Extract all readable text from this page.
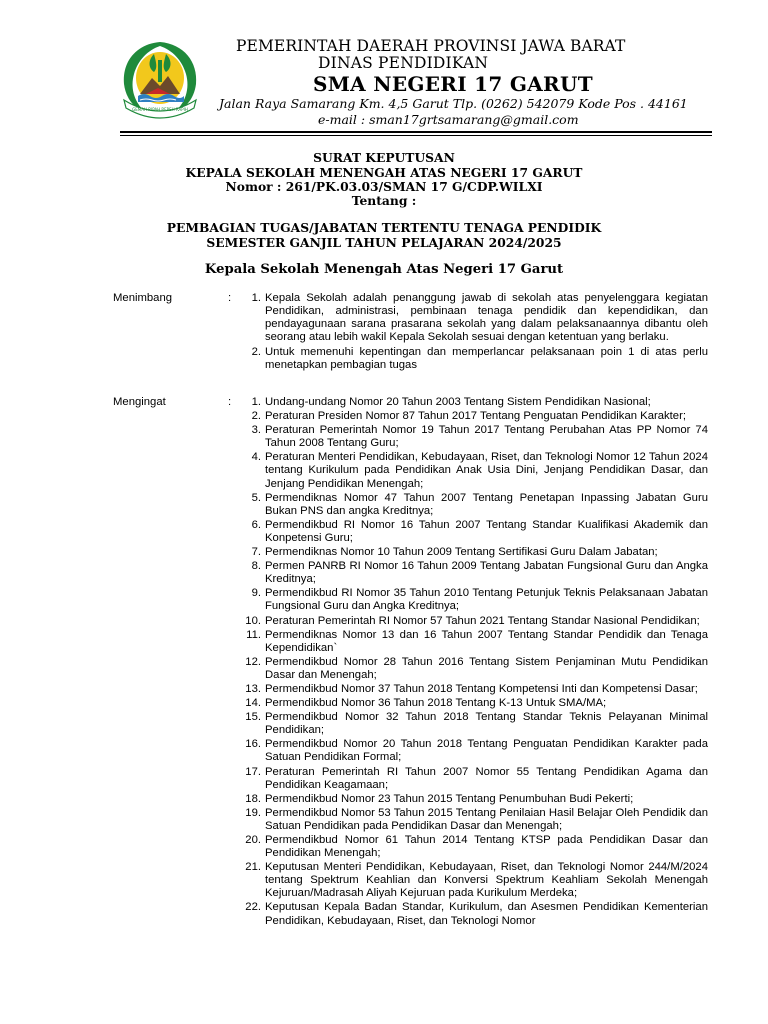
GEMAH RIPAH REPEH RAPIH
PEMERINTAH DAERAH PROVINSI JAWA BARAT
DINAS PENDIDIKAN
SMA NEGERI 17 GARUT
Jalan Raya Samarang Km. 4,5 Garut Tlp. (0262) 542079 Kode Pos . 44161
e-mail : sman17grtsamarang@gmail.com
SURAT KEPUTUSAN
KEPALA SEKOLAH MENENGAH ATAS NEGERI 17 GARUT
Nomor : 261/PK.03.03/SMAN 17 G/CDP.WILXI
Tentang :
PEMBAGIAN TUGAS/JABATAN TERTENTU TENAGA PENDIDIK
SEMESTER GANJIL TAHUN PELAJARAN 2024/2025
Kepala Sekolah Menengah Atas Negeri 17 Garut
Menimbang	:	1. Kepala Sekolah adalah penanggung jawab di sekolah atas penyelenggara kegiatan Pendidikan, administrasi, pembinaan tenaga pendidik dan kependidikan, dan pendayagunaan sarana prasarana sekolah yang dalam pelaksanaannya dibantu oleh seorang atau lebih wakil Kepala Sekolah sesuai dengan ketentuan yang berlaku.
2. Untuk memenuhi kepentingan dan memperlancar pelaksanaan poin 1 di atas perlu menetapkan pembagian tugas
Mengingat	:	1. Undang-undang Nomor 20 Tahun 2003 Tentang Sistem Pendidikan Nasional;
2. Peraturan Presiden Nomor 87 Tahun 2017 Tentang Penguatan Pendidikan Karakter;
3. Peraturan Pemerintah Nomor 19 Tahun 2017 Tentang Perubahan Atas PP Nomor 74 Tahun 2008 Tentang Guru;
4. Peraturan Menteri Pendidikan, Kebudayaan, Riset, dan Teknologi Nomor 12 Tahun 2024 tentang Kurikulum pada Pendidikan Anak Usia Dini, Jenjang Pendidikan Dasar, dan Jenjang Pendidikan Menengah;
5. Permendiknas Nomor 47 Tahun 2007 Tentang Penetapan Inpassing Jabatan Guru Bukan PNS dan angka Kreditnya;
6. Permendikbud RI Nomor 16 Tahun 2007 Tentang Standar Kualifikasi Akademik dan Konpetensi Guru;
7. Permendiknas Nomor 10 Tahun 2009 Tentang Sertifikasi Guru Dalam Jabatan;
8. Permen PANRB RI Nomor 16 Tahun 2009 Tentang Jabatan Fungsional Guru dan Angka Kreditnya;
9. Permendikbud RI Nomor 35 Tahun 2010 Tentang Petunjuk Teknis Pelaksanaan Jabatan Fungsional Guru dan Angka Kreditnya;
10. Peraturan Pemerintah RI Nomor 57 Tahun 2021 Tentang Standar Nasional Pendidikan;
11. Permendiknas Nomor 13 dan 16 Tahun 2007 Tentang Standar Pendidik dan Tenaga Kependidikan`
12. Permendikbud Nomor 28 Tahun 2016 Tentang Sistem Penjaminan Mutu Pendidikan Dasar dan Menengah;
13. Permendikbud Nomor 37 Tahun 2018 Tentang Kompetensi Inti dan Kompetensi Dasar;
14. Permendikbud Nomor 36 Tahun 2018 Tentang K-13 Untuk SMA/MA;
15. Permendikbud Nomor 32 Tahun 2018 Tentang Standar Teknis Pelayanan Minimal Pendidikan;
16. Permendikbud Nomor 20 Tahun 2018 Tentang Penguatan Pendidikan Karakter pada Satuan Pendidikan Formal;
17. Peraturan Pemerintah RI Tahun 2007 Nomor 55 Tentang Pendidikan Agama dan Pendidikan Keagamaan;
18. Permendikbud Nomor 23 Tahun 2015 Tentang Penumbuhan Budi Pekerti;
19. Permendikbud Nomor 53 Tahun 2015 Tentang Penilaian Hasil Belajar Oleh Pendidik dan Satuan Pendidikan pada Pendidikan Dasar dan Menengah;
20. Permendikbud Nomor 61 Tahun 2014 Tentang KTSP pada Pendidikan Dasar dan Pendidikan Menengah;
21. Keputusan Menteri Pendidikan, Kebudayaan, Riset, dan Teknologi Nomor 244/M/2024 tentang Spektrum Keahlian dan Konversi Spektrum Keahliam Sekolah Menengah Kejuruan/Madrasah Aliyah Kejuruan pada Kurikulum Merdeka;
22. Keputusan Kepala Badan Standar, Kurikulum, dan Asesmen Pendidikan Kementerian Pendidikan, Kebudayaan, Riset, dan Teknologi Nomor
